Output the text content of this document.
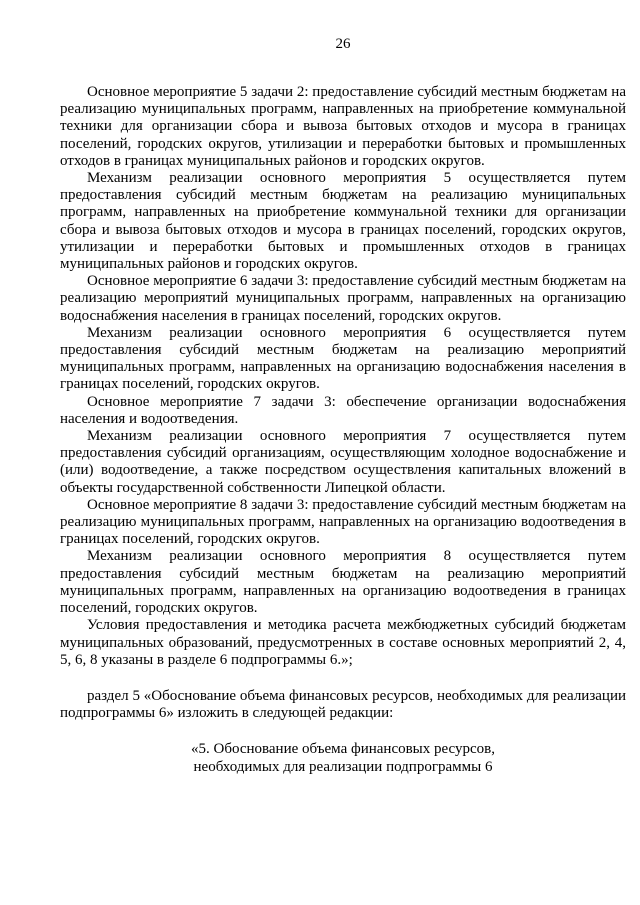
26

Основное мероприятие 5 задачи 2: предоставление субсидий местным бюджетам на реализацию муниципальных программ, направленных на приобретение коммунальной техники для организации сбора и вывоза бытовых отходов и мусора в границах поселений, городских округов, утилизации и переработки бытовых и промышленных отходов в границах муниципальных районов и городских округов.

Механизм реализации основного мероприятия 5 осуществляется путем предоставления субсидий местным бюджетам на реализацию муниципальных программ, направленных на приобретение коммунальной техники для организации сбора и вывоза бытовых отходов и мусора в границах поселений, городских округов, утилизации и переработки бытовых и промышленных отходов в границах муниципальных районов и городских округов.

Основное мероприятие 6 задачи 3: предоставление субсидий местным бюджетам на реализацию мероприятий муниципальных программ, направленных на организацию водоснабжения населения в границах поселений, городских округов.

Механизм реализации основного мероприятия 6 осуществляется путем предоставления субсидий местным бюджетам на реализацию мероприятий муниципальных программ, направленных на организацию водоснабжения населения в границах поселений, городских округов.

Основное мероприятие 7 задачи 3: обеспечение организации водоснабжения населения и водоотведения.

Механизм реализации основного мероприятия 7 осуществляется путем предоставления субсидий организациям, осуществляющим холодное водоснабжение и (или) водоотведение, а также посредством осуществления капитальных вложений в объекты государственной собственности Липецкой области.

Основное мероприятие 8 задачи 3: предоставление субсидий местным бюджетам на реализацию муниципальных программ, направленных на организацию водоотведения в границах поселений, городских округов.

Механизм реализации основного мероприятия 8 осуществляется путем предоставления субсидий местным бюджетам на реализацию мероприятий муниципальных программ, направленных на организацию водоотведения в границах поселений, городских округов.

Условия предоставления и методика расчета межбюджетных субсидий бюджетам муниципальных образований, предусмотренных в составе основных мероприятий 2, 4, 5, 6, 8 указаны в разделе 6 подпрограммы 6.»;

раздел 5 «Обоснование объема финансовых ресурсов, необходимых для реализации подпрограммы 6» изложить в следующей редакции:

«5. Обоснование объема финансовых ресурсов,
необходимых для реализации подпрограммы 6
